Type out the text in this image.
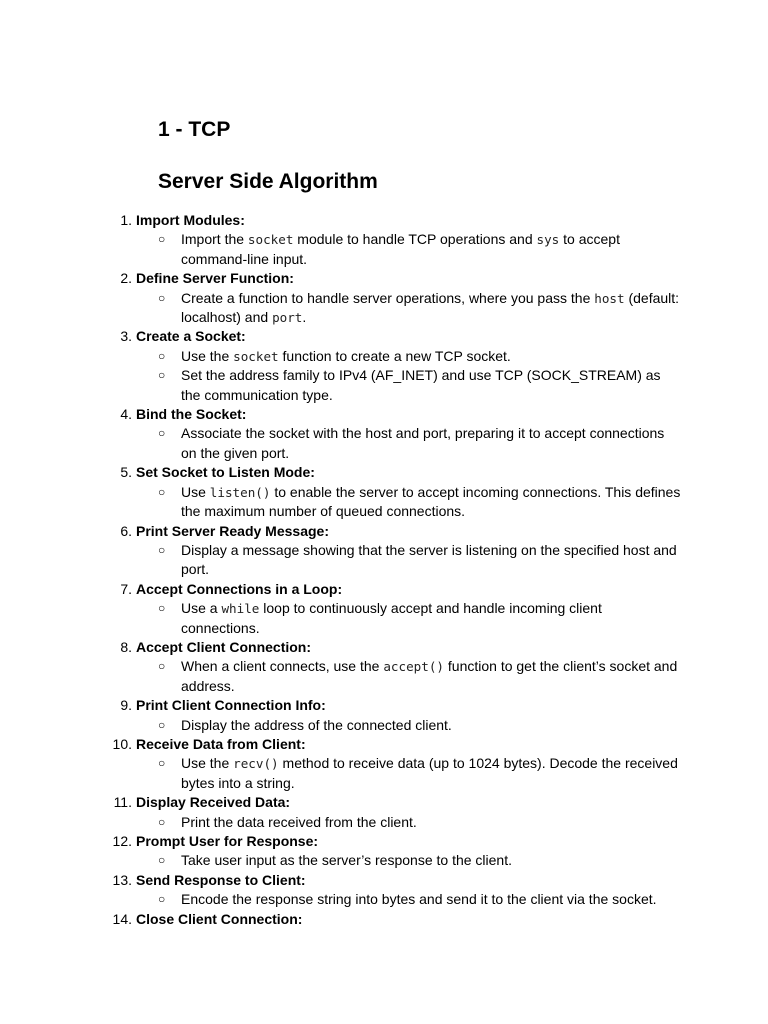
1 - TCP
Server Side Algorithm
1. Import Modules:
○ Import the socket module to handle TCP operations and sys to accept command-line input.
2. Define Server Function:
○ Create a function to handle server operations, where you pass the host (default: localhost) and port.
3. Create a Socket:
○ Use the socket function to create a new TCP socket.
○ Set the address family to IPv4 (AF_INET) and use TCP (SOCK_STREAM) as the communication type.
4. Bind the Socket:
○ Associate the socket with the host and port, preparing it to accept connections on the given port.
5. Set Socket to Listen Mode:
○ Use listen() to enable the server to accept incoming connections. This defines the maximum number of queued connections.
6. Print Server Ready Message:
○ Display a message showing that the server is listening on the specified host and port.
7. Accept Connections in a Loop:
○ Use a while loop to continuously accept and handle incoming client connections.
8. Accept Client Connection:
○ When a client connects, use the accept() function to get the client’s socket and address.
9. Print Client Connection Info:
○ Display the address of the connected client.
10. Receive Data from Client:
○ Use the recv() method to receive data (up to 1024 bytes). Decode the received bytes into a string.
11. Display Received Data:
○ Print the data received from the client.
12. Prompt User for Response:
○ Take user input as the server’s response to the client.
13. Send Response to Client:
○ Encode the response string into bytes and send it to the client via the socket.
14. Close Client Connection:
